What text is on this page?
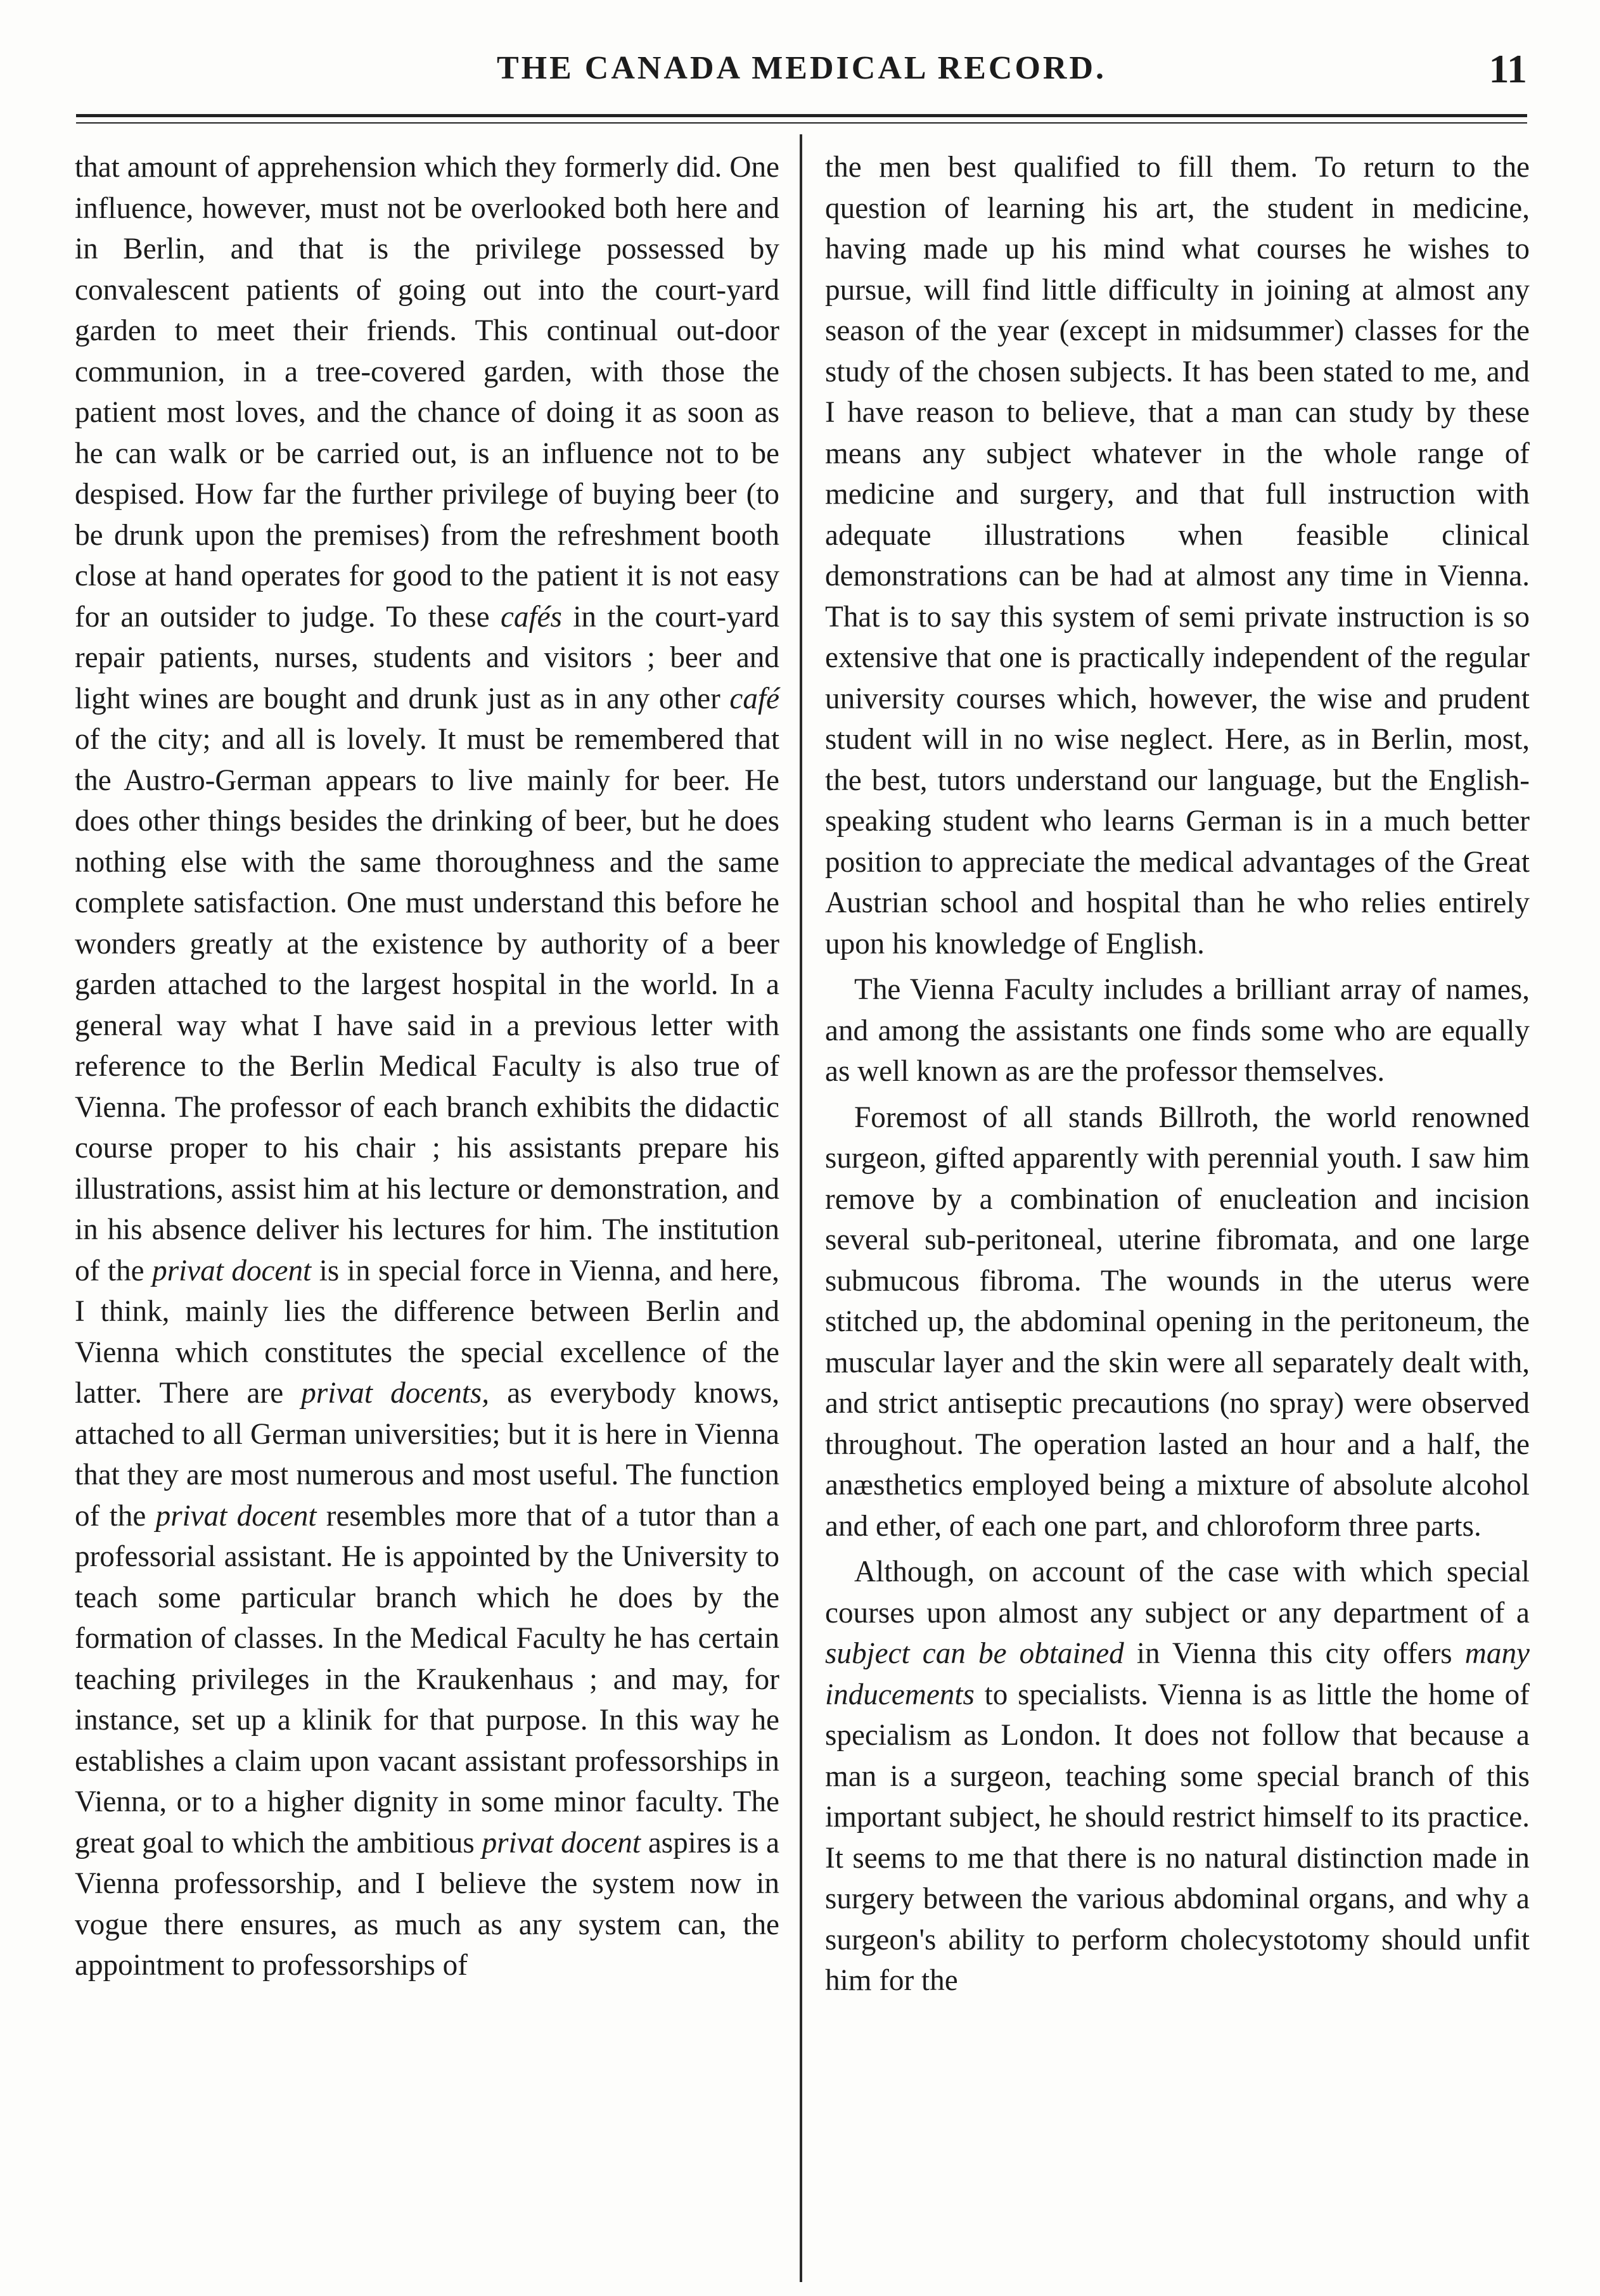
THE CANADA MEDICAL RECORD.	11

that amount of apprehension which they formerly did. One influence, however, must not be overlooked both here and in Berlin, and that is the privilege possessed by convalescent patients of going out into the court-yard garden to meet their friends. This continual out-door communion, in a tree-covered garden, with those the patient most loves, and the chance of doing it as soon as he can walk or be carried out, is an influence not to be despised. How far the further privilege of buying beer (to be drunk upon the premises) from the refreshment booth close at hand operates for good to the patient it is not easy for an outsider to judge. To these cafés in the court-yard repair patients, nurses, students and visitors ; beer and light wines are bought and drunk just as in any other café of the city; and all is lovely. It must be remembered that the Austro-German appears to live mainly for beer. He does other things besides the drinking of beer, but he does nothing else with the same thoroughness and the same complete satisfaction. One must understand this before he wonders greatly at the existence by authority of a beer garden attached to the largest hospital in the world. In a general way what I have said in a previous letter with reference to the Berlin Medical Faculty is also true of Vienna. The professor of each branch exhibits the didactic course proper to his chair ; his assistants prepare his illustrations, assist him at his lecture or demonstration, and in his absence deliver his lectures for him. The institution of the privat docent is in special force in Vienna, and here, I think, mainly lies the difference between Berlin and Vienna which constitutes the special excellence of the latter. There are privat docents, as everybody knows, attached to all German universities; but it is here in Vienna that they are most numerous and most useful. The function of the privat docent resembles more that of a tutor than a professorial assistant. He is appointed by the University to teach some particular branch which he does by the formation of classes. In the Medical Faculty he has certain teaching privileges in the Kraukenhaus ; and may, for instance, set up a klinik for that purpose. In this way he establishes a claim upon vacant assistant professorships in Vienna, or to a higher dignity in some minor faculty. The great goal to which the ambitious privat docent aspires is a Vienna professorship, and I believe the system now in vogue there ensures, as much as any system can, the appointment to professorships of

the men best qualified to fill them. To return to the question of learning his art, the student in medicine, having made up his mind what courses he wishes to pursue, will find little difficulty in joining at almost any season of the year (except in midsummer) classes for the study of the chosen subjects. It has been stated to me, and I have reason to believe, that a man can study by these means any subject whatever in the whole range of medicine and surgery, and that full instruction with adequate illustrations when feasible clinical demonstrations can be had at almost any time in Vienna. That is to say this system of semi private instruction is so extensive that one is practically independent of the regular university courses which, however, the wise and prudent student will in no wise neglect. Here, as in Berlin, most, the best, tutors understand our language, but the English-speaking student who learns German is in a much better position to appreciate the medical advantages of the Great Austrian school and hospital than he who relies entirely upon his knowledge of English.

The Vienna Faculty includes a brilliant array of names, and among the assistants one finds some who are equally as well known as are the professor themselves.

Foremost of all stands Billroth, the world renowned surgeon, gifted apparently with perennial youth. I saw him remove by a combination of enucleation and incision several sub-peritoneal, uterine fibromata, and one large submucous fibroma. The wounds in the uterus were stitched up, the abdominal opening in the peritoneum, the muscular layer and the skin were all separately dealt with, and strict antiseptic precautions (no spray) were observed throughout. The operation lasted an hour and a half, the anæsthetics employed being a mixture of absolute alcohol and ether, of each one part, and chloroform three parts.

Although, on account of the case with which special courses upon almost any subject or any department of a subject can be obtained in Vienna this city offers many inducements to specialists. Vienna is as little the home of specialism as London. It does not follow that because a man is a surgeon, teaching some special branch of this important subject, he should restrict himself to its practice. It seems to me that there is no natural distinction made in surgery between the various abdominal organs, and why a surgeon's ability to perform cholecystotomy should unfit him for the
